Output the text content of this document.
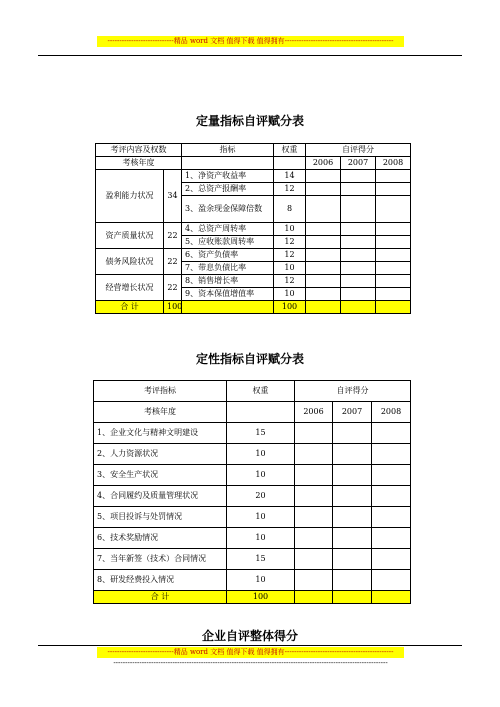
----------------------------精品 word 文档 值得下载 值得拥有----------------------------------------------
定量指标自评赋分表
考评内容及权数		指标	权重	自评得分		
考核年度				2006	2007	2008
盈利能力状况	34	1、净资产收益率	14			
		2、总资产报酬率	12			
		3、盈余现金保障倍数	8			
资产质量状况	22	4、总资产周转率	10			
		5、应收账款周转率	12			
债务风险状况	22	6、资产负债率	12			
		7、带息负债比率	10			
经营增长状况	22	8、销售增长率	12			
		9、资本保值增值率	10			
合 计	100		100			
定性指标自评赋分表
考评指标	权重	自评得分		
考核年度		2006	2007	2008
1、企业文化与精神文明建设	15			
2、人力资源状况	10			
3、安全生产状况	10			
4、合同履约及质量管理状况	20			
5、项目投诉与处罚情况	10			
6、技术奖励情况	10			
7、当年新签（技术）合同情况	15			
8、研发经费投入情况	10			
合 计	100			
企业自评整体得分
----------------------------精品 word 文档 值得下载 值得拥有----------------------------------------------
--------------------------------------------------------------------------------------------------------------------
